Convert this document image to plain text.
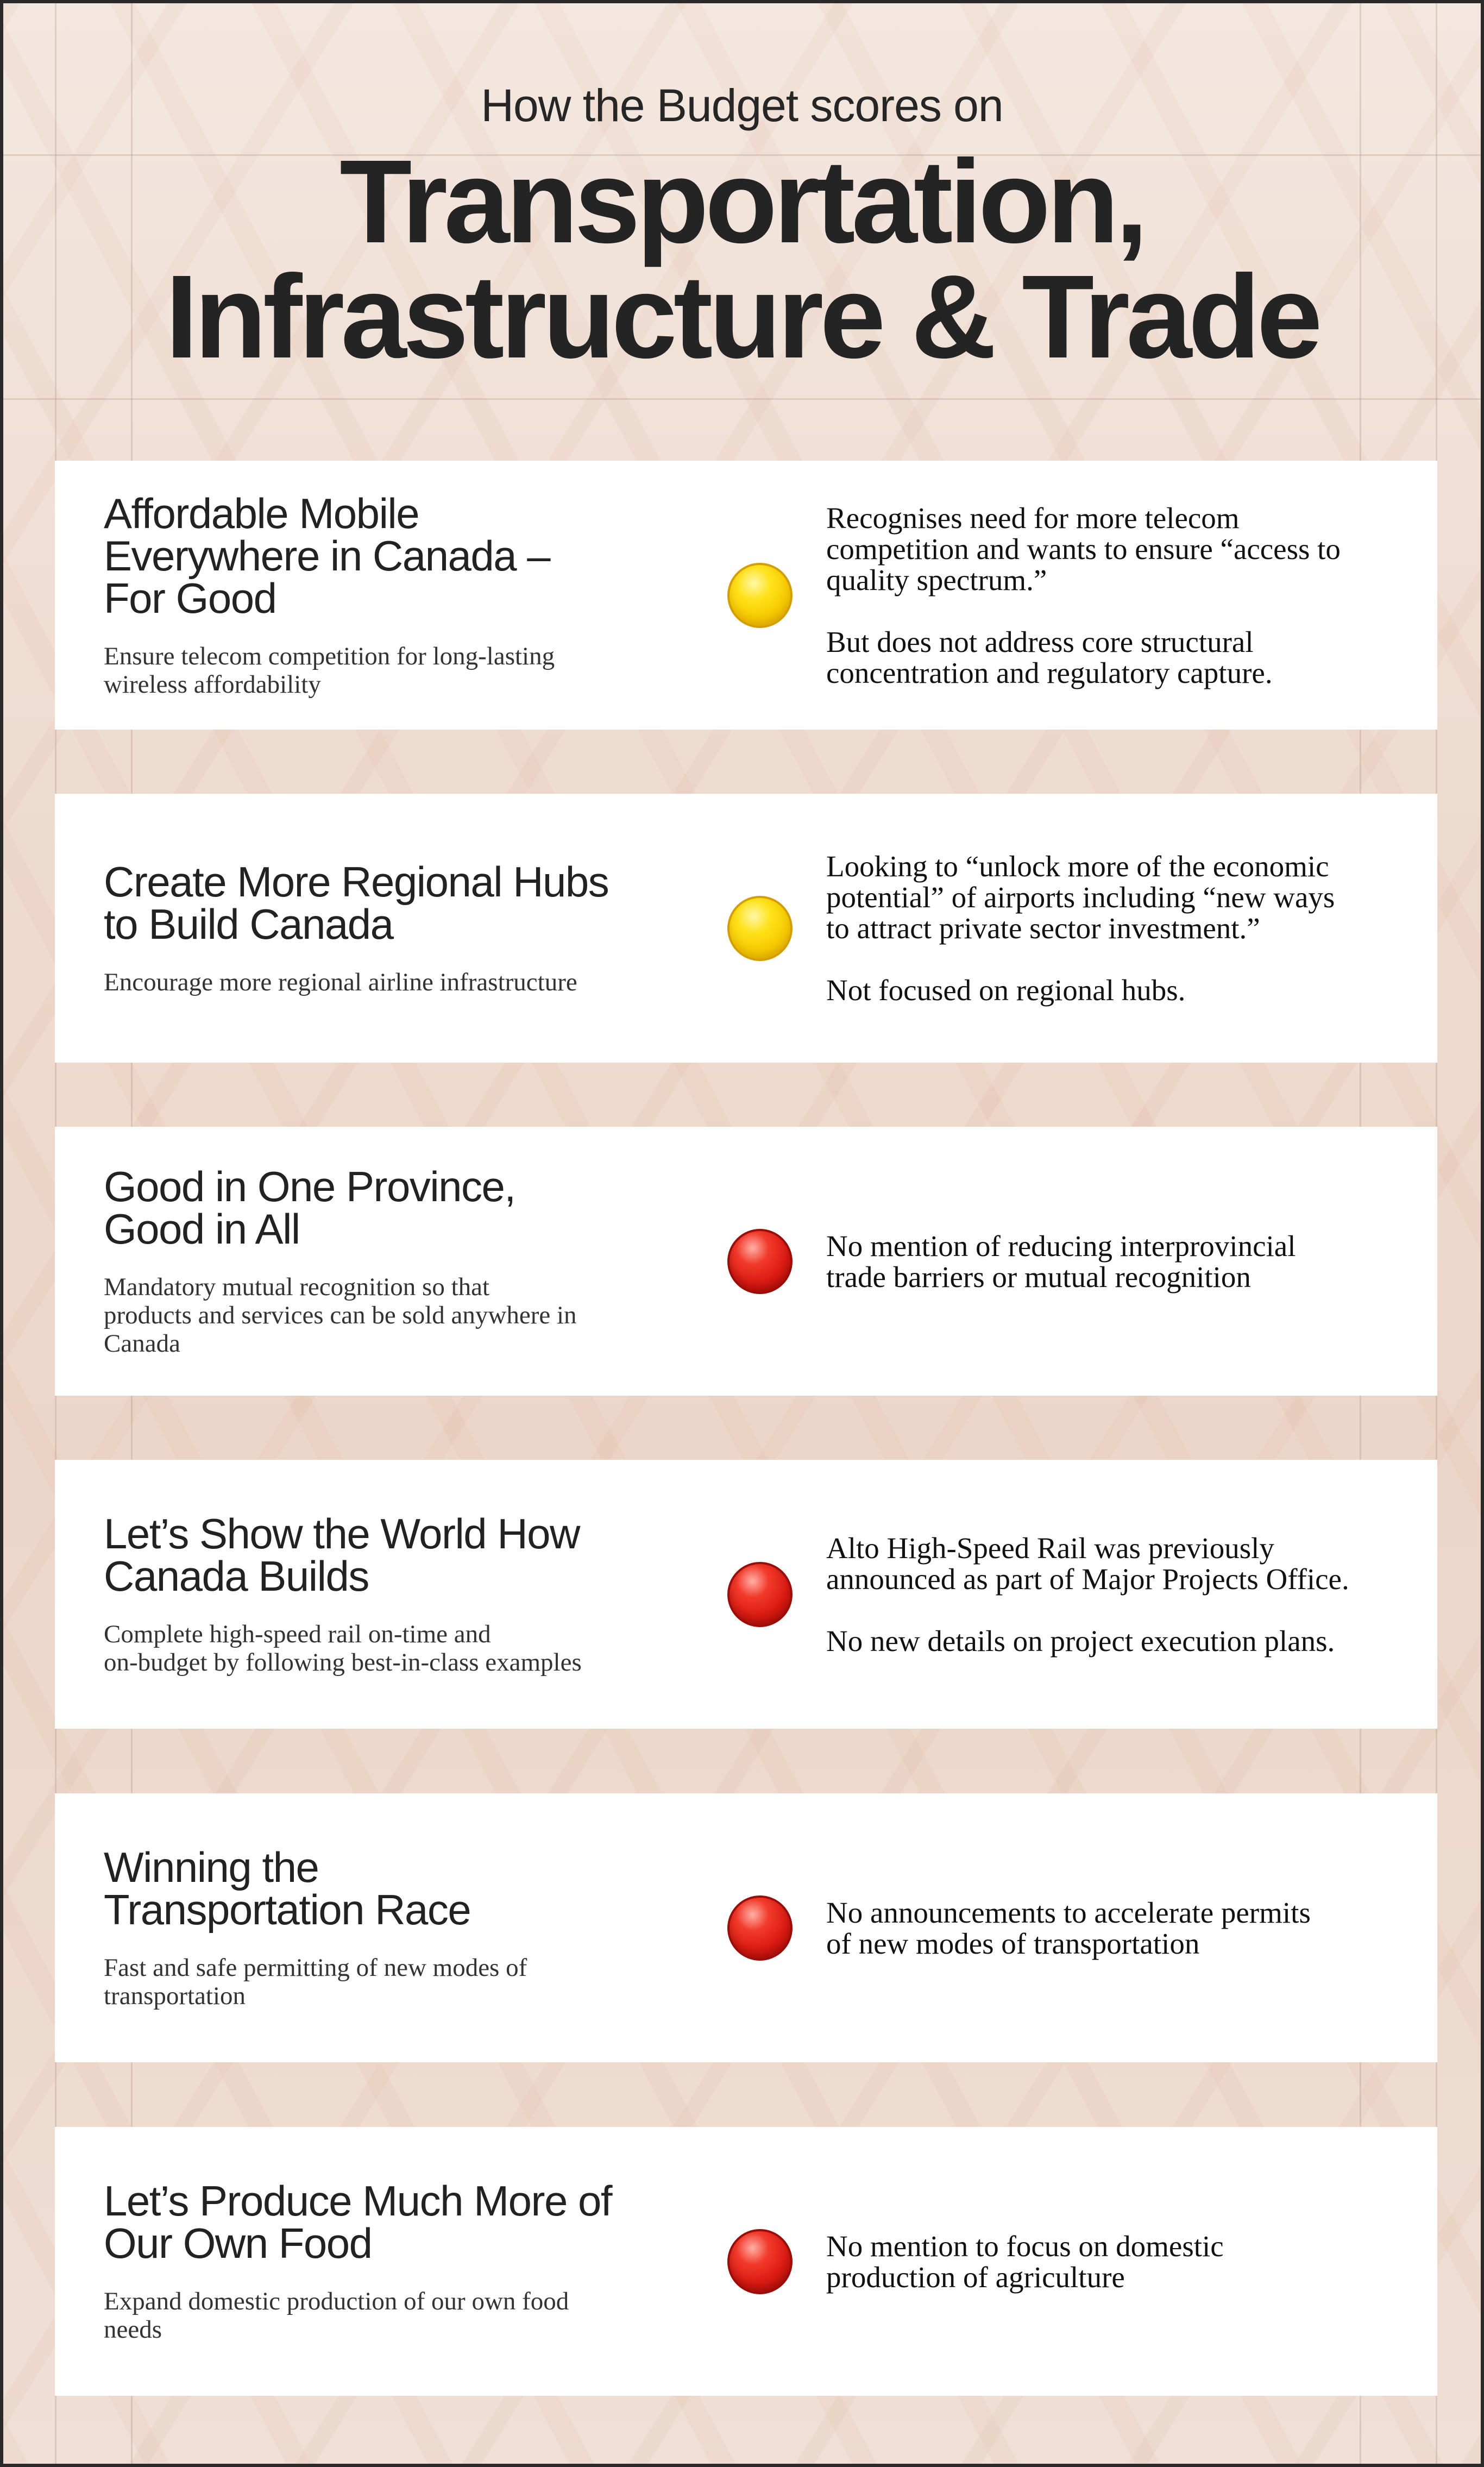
How the Budget scores on
Transportation,
Infrastructure & Trade
Affordable Mobile
Everywhere in Canada –
For Good
Ensure telecom competition for long-lasting
wireless affordability
Recognises need for more telecom
competition and wants to ensure “access to
quality spectrum.”
But does not address core structural
concentration and regulatory capture.
Create More Regional Hubs
to Build Canada
Encourage more regional airline infrastructure
Looking to “unlock more of the economic
potential” of airports including “new ways
to attract private sector investment.”
Not focused on regional hubs.
Good in One Province,
Good in All
Mandatory mutual recognition so that
products and services can be sold anywhere in
Canada
No mention of reducing interprovincial
trade barriers or mutual recognition
Let’s Show the World How
Canada Builds
Complete high-speed rail on-time and
on-budget by following best-in-class examples
Alto High-Speed Rail was previously
announced as part of Major Projects Office.
No new details on project execution plans.
Winning the
Transportation Race
Fast and safe permitting of new modes of
transportation
No announcements to accelerate permits
of new modes of transportation
Let’s Produce Much More of
Our Own Food
Expand domestic production of our own food
needs
No mention to focus on domestic
production of agriculture
